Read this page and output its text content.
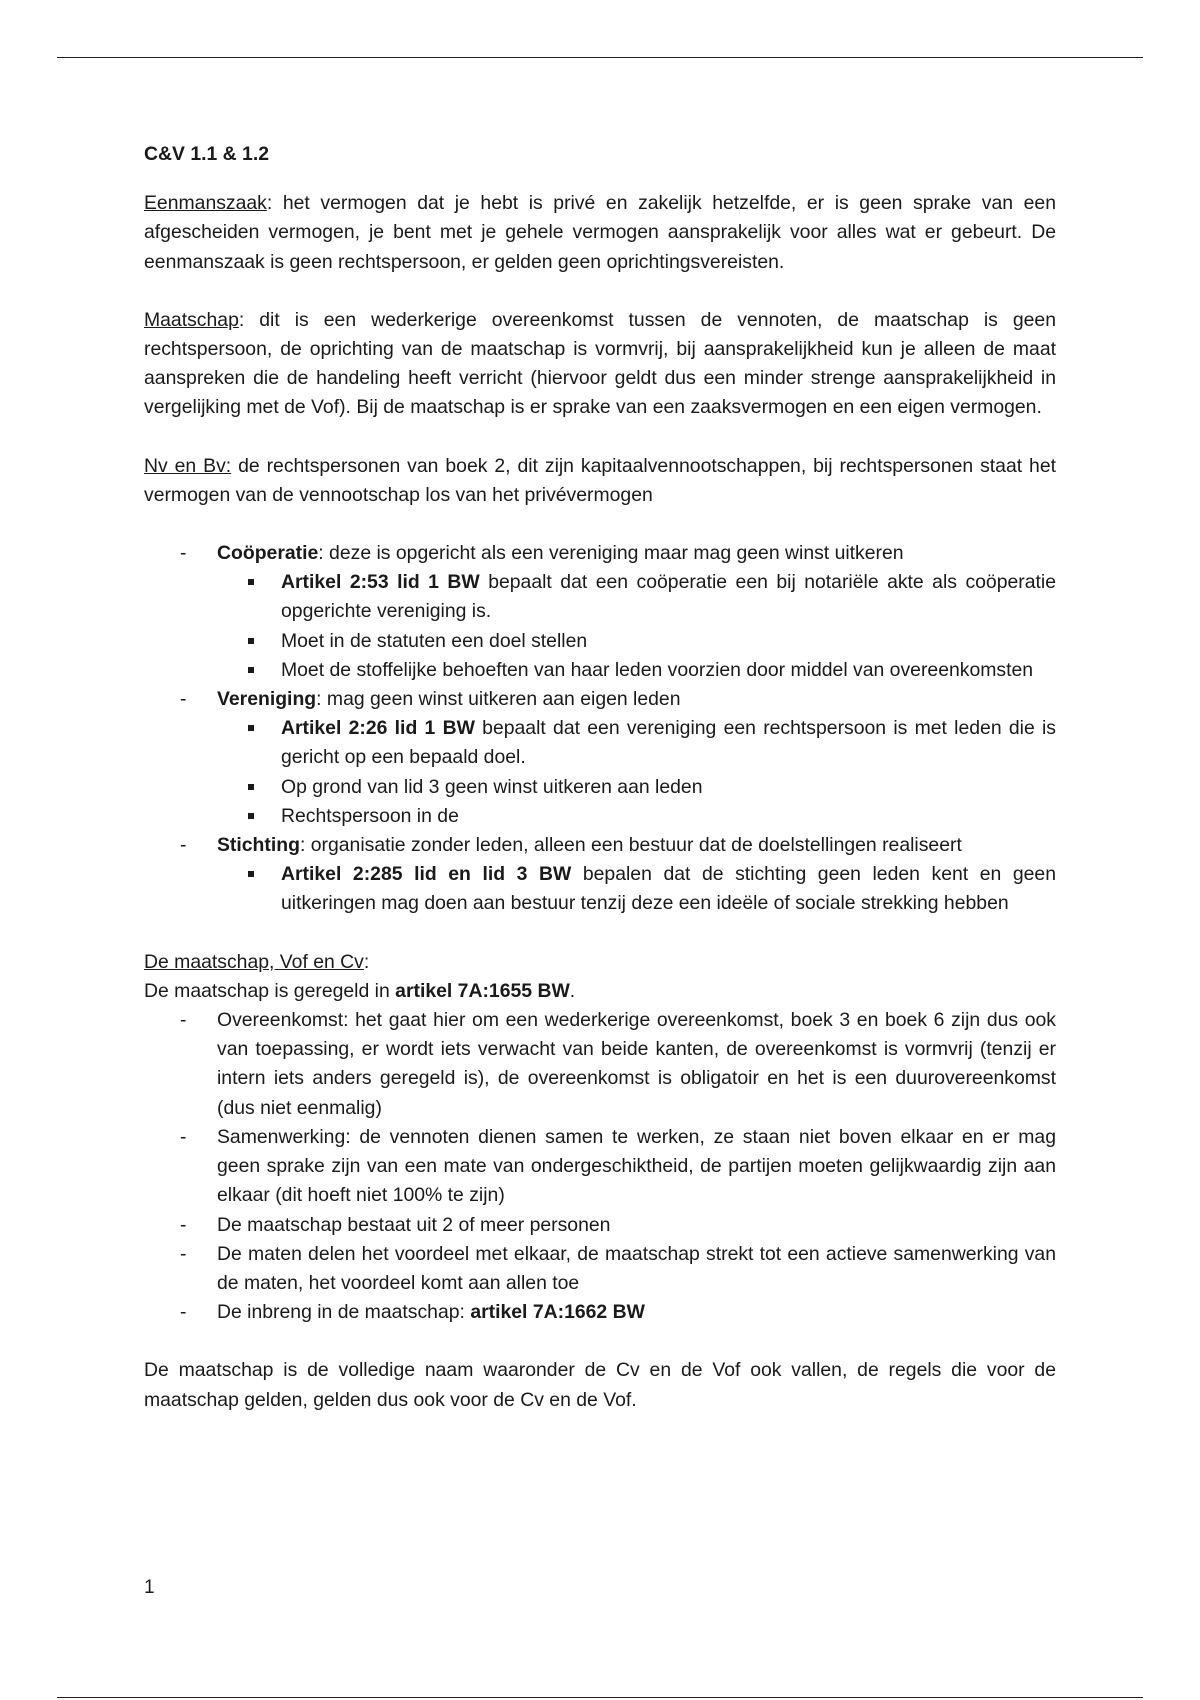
C&V 1.1 & 1.2

Eenmanszaak: het vermogen dat je hebt is privé en zakelijk hetzelfde, er is geen sprake van een afgescheiden vermogen, je bent met je gehele vermogen aansprakelijk voor alles wat er gebeurt. De eenmanszaak is geen rechtspersoon, er gelden geen oprichtingsvereisten.

Maatschap: dit is een wederkerige overeenkomst tussen de vennoten, de maatschap is geen rechtspersoon, de oprichting van de maatschap is vormvrij, bij aansprakelijkheid kun je alleen de maat aanspreken die de handeling heeft verricht (hiervoor geldt dus een minder strenge aansprakelijkheid in vergelijking met de Vof). Bij de maatschap is er sprake van een zaaksvermogen en een eigen vermogen.

Nv en Bv: de rechtspersonen van boek 2, dit zijn kapitaalvennootschappen, bij rechtspersonen staat het vermogen van de vennootschap los van het privévermogen

- Coöperatie: deze is opgericht als een vereniging maar mag geen winst uitkeren
Artikel 2:53 lid 1 BW bepaalt dat een coöperatie een bij notariële akte als coöperatie opgerichte vereniging is.
Moet in de statuten een doel stellen
Moet de stoffelijke behoeften van haar leden voorzien door middel van overeenkomsten
- Vereniging: mag geen winst uitkeren aan eigen leden
Artikel 2:26 lid 1 BW bepaalt dat een vereniging een rechtspersoon is met leden die is gericht op een bepaald doel.
Op grond van lid 3 geen winst uitkeren aan leden
Rechtspersoon in de
- Stichting: organisatie zonder leden, alleen een bestuur dat de doelstellingen realiseert
Artikel 2:285 lid en lid 3 BW bepalen dat de stichting geen leden kent en geen uitkeringen mag doen aan bestuur tenzij deze een ideële of sociale strekking hebben

De maatschap, Vof en Cv:

De maatschap is geregeld in artikel 7A:1655 BW.

- Overeenkomst: het gaat hier om een wederkerige overeenkomst, boek 3 en boek 6 zijn dus ook van toepassing, er wordt iets verwacht van beide kanten, de overeenkomst is vormvrij (tenzij er intern iets anders geregeld is), de overeenkomst is obligatoir en het is een duurovereenkomst (dus niet eenmalig)
- Samenwerking: de vennoten dienen samen te werken, ze staan niet boven elkaar en er mag geen sprake zijn van een mate van ondergeschiktheid, de partijen moeten gelijkwaardig zijn aan elkaar (dit hoeft niet 100% te zijn)
- De maatschap bestaat uit 2 of meer personen
- De maten delen het voordeel met elkaar, de maatschap strekt tot een actieve samenwerking van de maten, het voordeel komt aan allen toe
- De inbreng in de maatschap: artikel 7A:1662 BW

De maatschap is de volledige naam waaronder de Cv en de Vof ook vallen, de regels die voor de maatschap gelden, gelden dus ook voor de Cv en de Vof.

1
